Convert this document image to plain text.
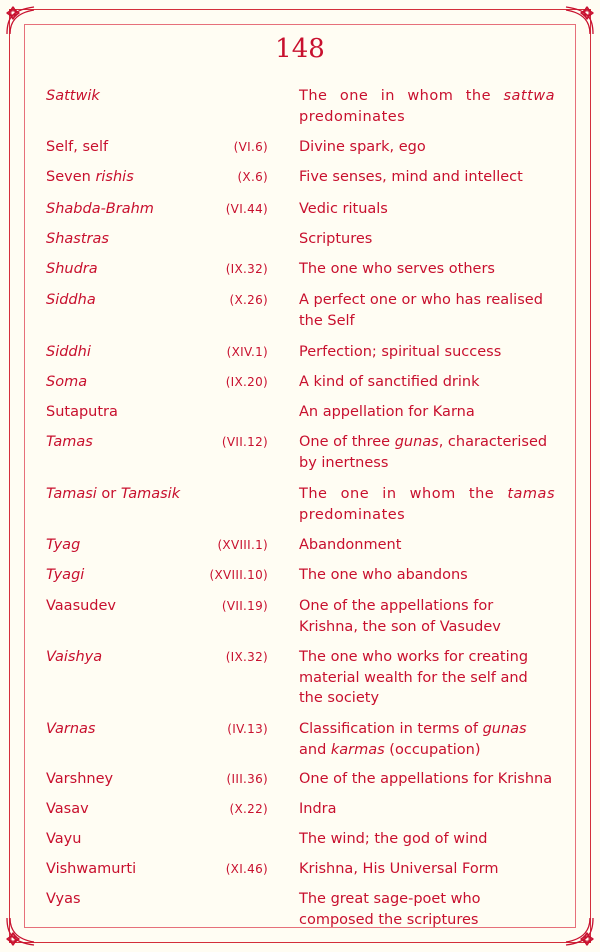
148
Sattwik	The one in whom the sattwa predominates
Self, self	(VI.6) Divine spark, ego
Seven rishis	(X.6) Five senses, mind and intellect
Shabda-Brahm	(VI.44) Vedic rituals
Shastras	Scriptures
Shudra	(IX.32) The one who serves others
Siddha	(X.26) A perfect one or who has realised the Self
Siddhi	(XIV.1) Perfection; spiritual success
Soma	(IX.20) A kind of sanctified drink
Sutaputra	An appellation for Karna
Tamas	(VII.12) One of three gunas, characterised by inertness
Tamasi or Tamasik	The one in whom the tamas predominates
Tyag	(XVIII.1) Abandonment
Tyagi	(XVIII.10) The one who abandons
Vaasudev	(VII.19) One of the appellations for Krishna, the son of Vasudev
Vaishya	(IX.32) The one who works for creating material wealth for the self and the society
Varnas	(IV.13) Classification in terms of gunas and karmas (occupation)
Varshney	(III.36) One of the appellations for Krishna
Vasav	(X.22) Indra
Vayu	The wind; the god of wind
Vishwamurti	(XI.46) Krishna, His Universal Form
Vyas	The great sage-poet who composed the scriptures
